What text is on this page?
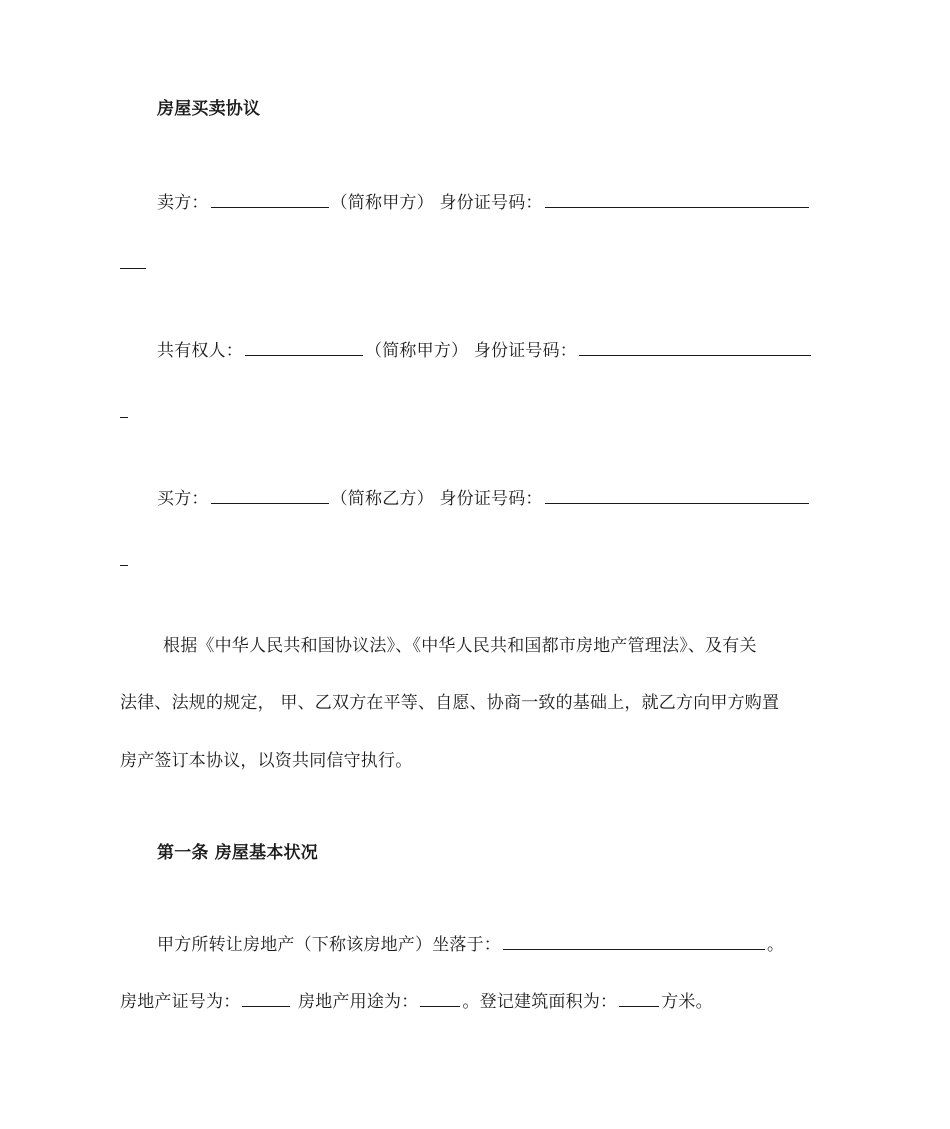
房屋买卖协议
卖方：	（简称甲方） 身份证号码：
共有权人：	（简称甲方） 身份证号码：
买方：	（简称乙方） 身份证号码：
根据《中华人民共和国协议法》、《中华人民共和国都市房地产管理法》、及有关
法律、法规的规定， 甲、乙双方在平等、自愿、协商一致的基础上，就乙方向甲方购置
房产签订本协议，以资共同信守执行。
第一条 房屋基本状况
甲方所转让房地产（下称该房地产）坐落于：	。
房地产证号为：	房地产用途为：	。登记建筑面积为：	方米。
